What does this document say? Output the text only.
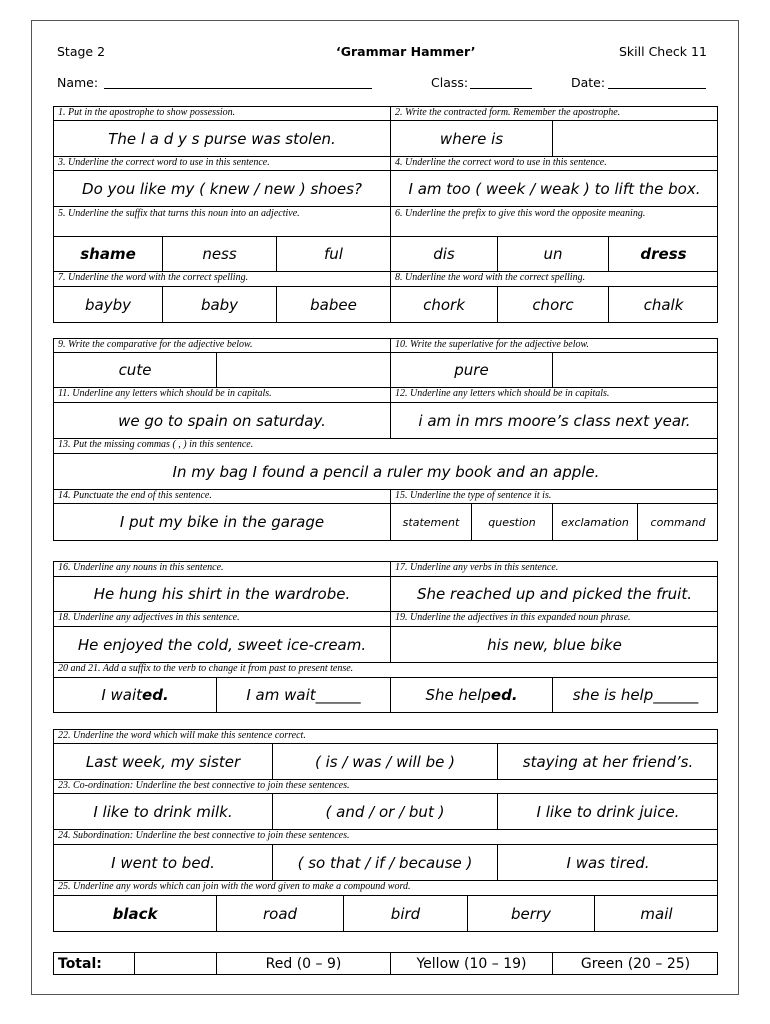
Stage 2	‘Grammar Hammer’	Skill Check 11
Name:	Class:	Date:
1. Put in the apostrophe to show possession.
The l a d y s purse was stolen.
2. Write the contracted form. Remember the apostrophe.
where is
3. Underline the correct word to use in this sentence.
Do you like my ( knew / new ) shoes?
4. Underline the correct word to use in this sentence.
I am too ( week / weak ) to lift the box.
5. Underline the suffix that turns this noun into an adjective.
shame	ness	ful
6. Underline the prefix to give this word the opposite meaning.
dis	un	dress
7. Underline the word with the correct spelling.
bayby	baby	babee
8. Underline the word with the correct spelling.
chork	chorc	chalk
9. Write the comparative for the adjective below.
cute
10. Write the superlative for the adjective below.
pure
11. Underline any letters which should be in capitals.
we go to spain on saturday.
12. Underline any letters which should be in capitals.
i am in mrs moore’s class next year.
13. Put the missing commas ( , ) in this sentence.
In my bag I found a pencil a ruler my book and an apple.
14. Punctuate the end of this sentence.
I put my bike in the garage
15. Underline the type of sentence it is.
statement	question	exclamation	command
16. Underline any nouns in this sentence.
He hung his shirt in the wardrobe.
17. Underline any verbs in this sentence.
She reached up and picked the fruit.
18. Underline any adjectives in this sentence.
He enjoyed the cold, sweet ice-cream.
19. Underline the adjectives in this expanded noun phrase.
his new, blue bike
20 and 21. Add a suffix to the verb to change it from past to present tense.
I wait ed.	I am wait______	She help ed.	she is help______
22. Underline the word which will make this sentence correct.
Last week, my sister	( is / was / will be )	staying at her friend’s.
23. Co-ordination: Underline the best connective to join these sentences.
I like to drink milk.	( and / or / but )	I like to drink juice.
24. Subordination: Underline the best connective to join these sentences.
I went to bed.	( so that / if / because )	I was tired.
25. Underline any words which can join with the word given to make a compound word.
black	road	bird	berry	mail
Total:	Red (0 – 9)	Yellow (10 – 19)	Green (20 – 25)
